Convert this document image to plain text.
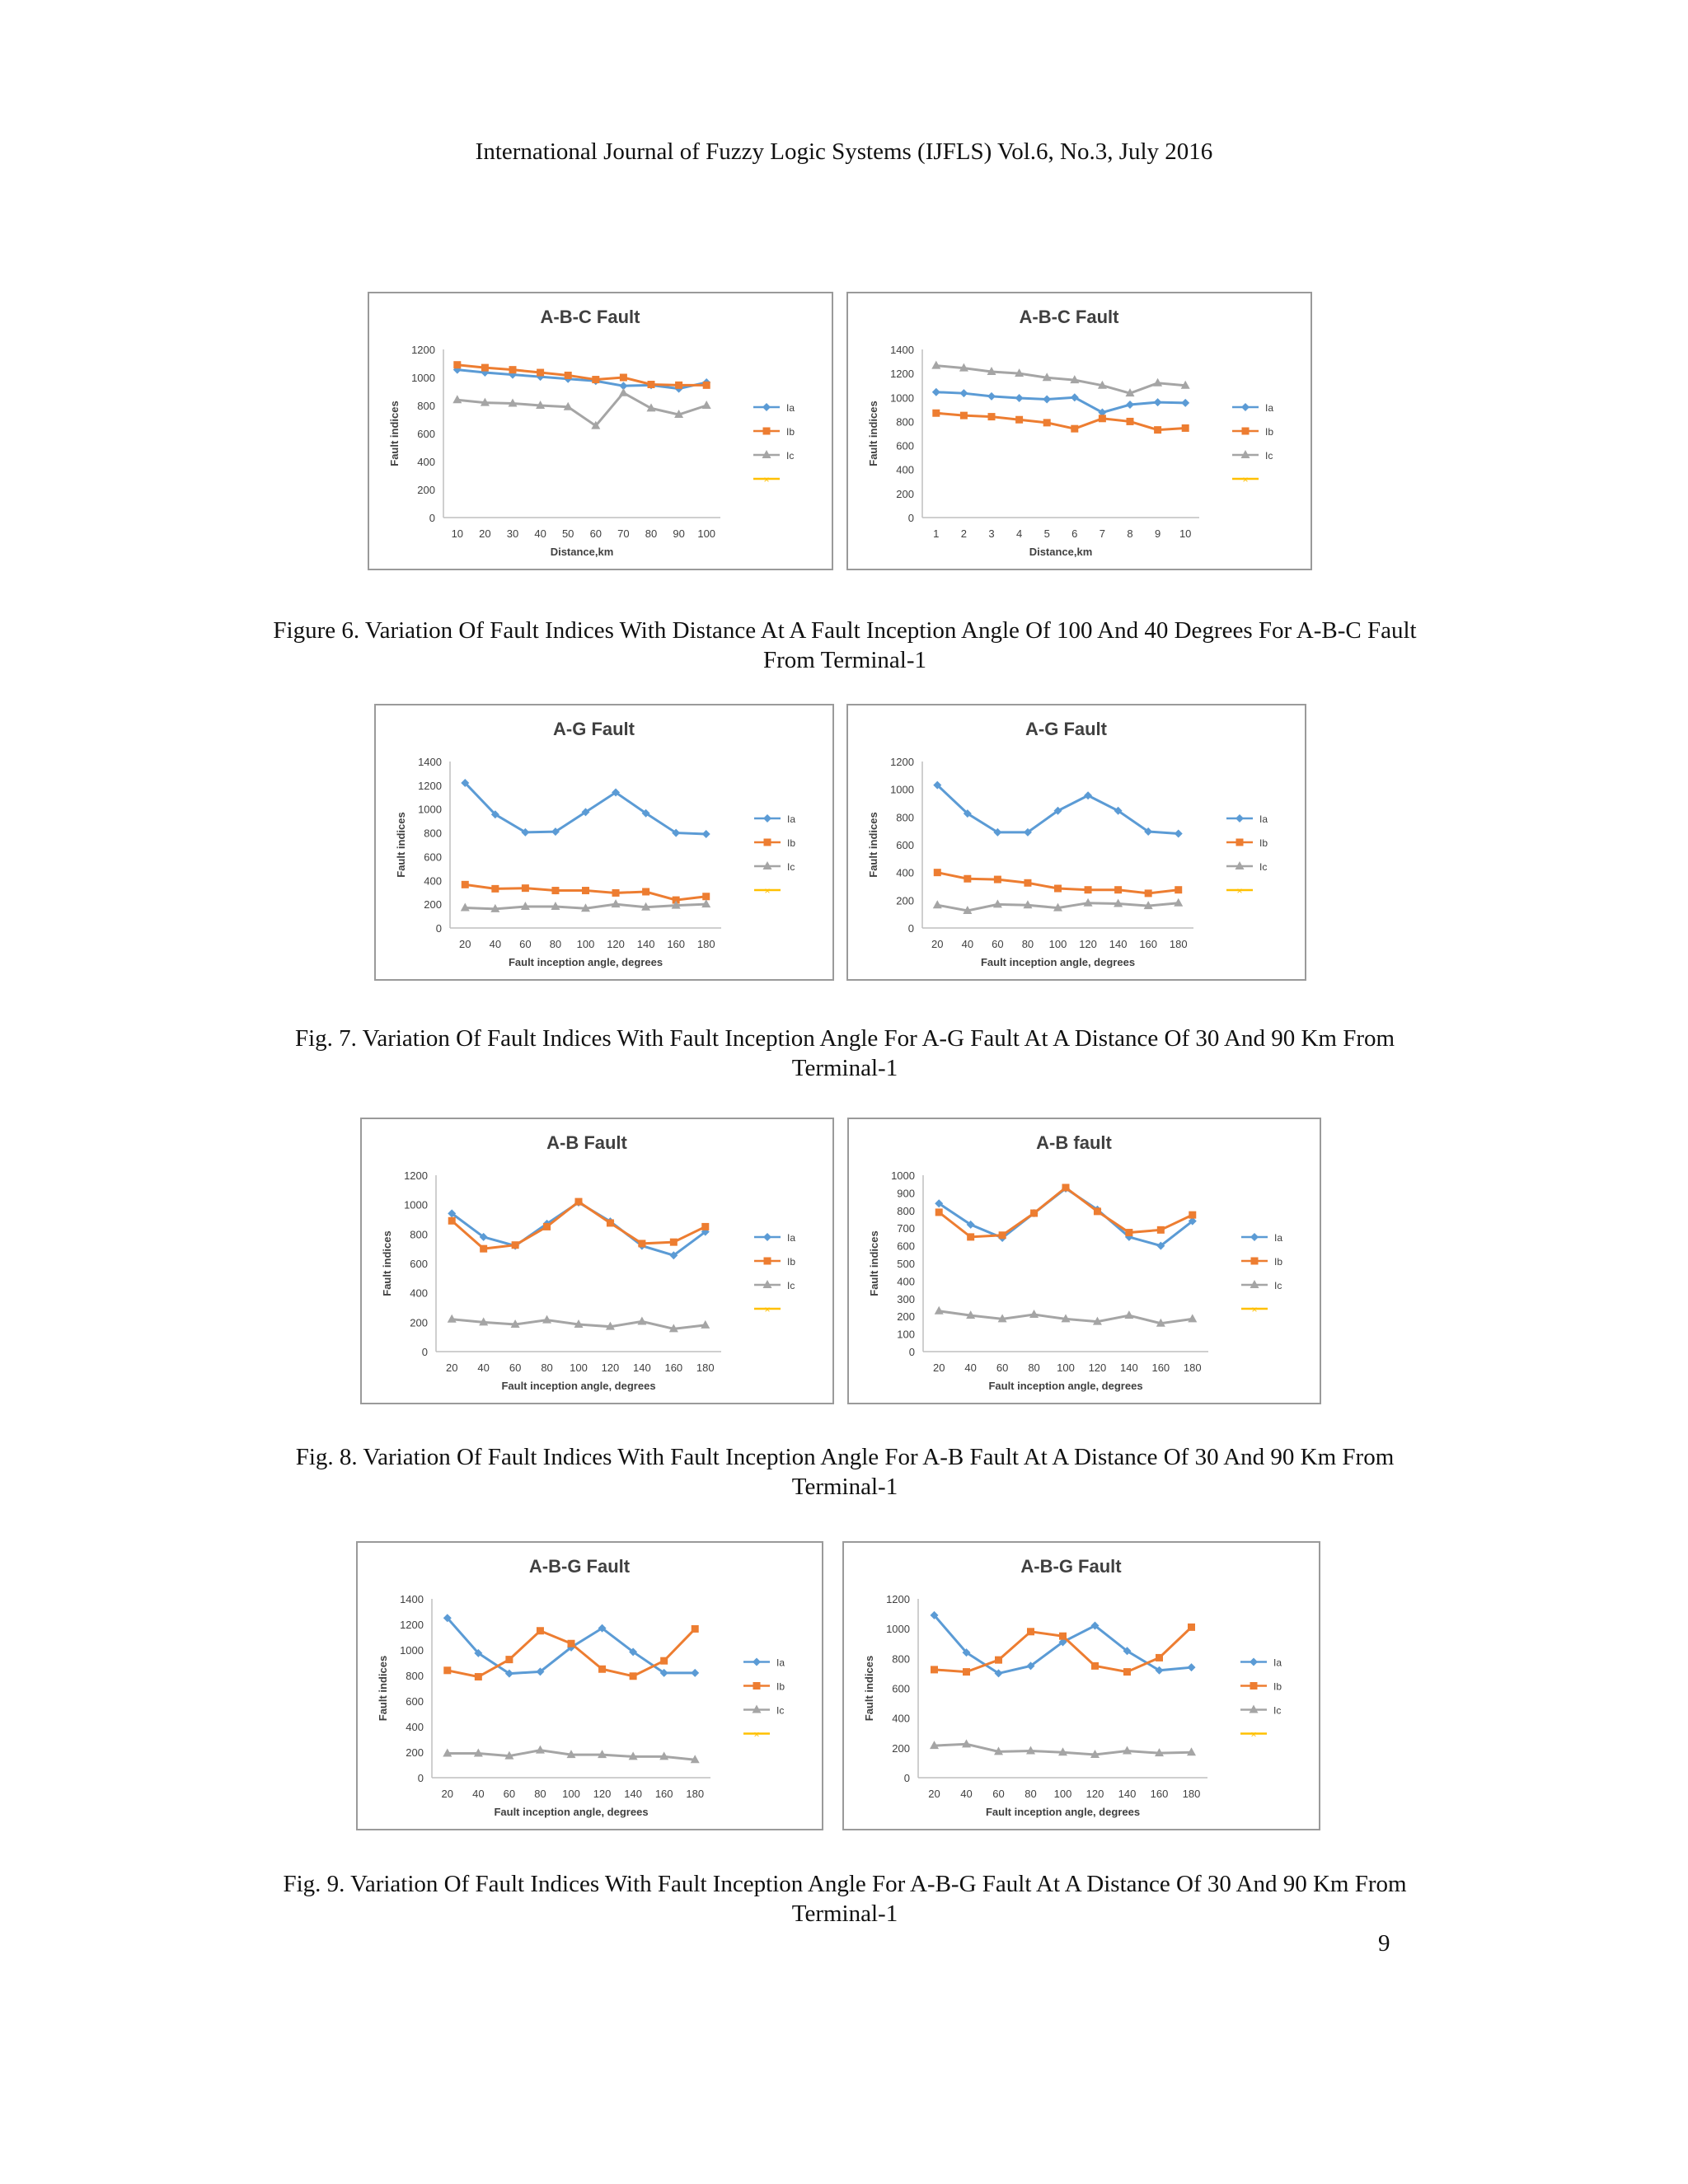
International Journal of Fuzzy Logic Systems (IJFLS) Vol.6, No.3, July 2016
A-B-C Fault
0
200
400
600
800
1000
1200
Fault indices
10 20 30 40 50 60 70 80 90 100
Distance,km
Ia
Ib
Ic
×
A-B-C Fault
0
200
400
600
800
1000
1200
1400
Fault indices
1 2 3 4 5 6 7 8 9 10
Distance,km
Ia
Ib
Ic
×
Figure 6. Variation Of Fault Indices With Distance At A Fault Inception Angle Of 100 And 40 Degrees For A-B-C Fault From Terminal-1
A-G Fault
0
200
400
600
800
1000
1200
1400
Fault indices
20 40 60 80 100 120 140 160 180
Fault inception angle, degrees
Ia
Ib
Ic
×
A-G Fault
0
200
400
600
800
1000
1200
Fault indices
20 40 60 80 100 120 140 160 180
Fault inception angle, degrees
Ia
Ib
Ic
×
Fig. 7. Variation Of Fault Indices With Fault Inception Angle For A-G Fault At A Distance Of 30 And 90 Km From Terminal-1
A-B Fault
0
200
400
600
800
1000
1200
Fault indices
20 40 60 80 100 120 140 160 180
Fault inception angle, degrees
Ia
Ib
Ic
×
A-B fault
0
100
200
300
400
500
600
700
800
900
1000
Fault indices
20 40 60 80 100 120 140 160 180
Fault inception angle, degrees
Ia
Ib
Ic
×
Fig. 8. Variation Of Fault Indices With Fault Inception Angle For A-B Fault At A Distance Of 30 And 90 Km From Terminal-1
A-B-G Fault
0
200
400
600
800
1000
1200
1400
Fault indices
20 40 60 80 100 120 140 160 180
Fault inception angle, degrees
Ia
Ib
Ic
×
A-B-G Fault
0
200
400
600
800
1000
1200
Fault indices
20 40 60 80 100 120 140 160 180
Fault inception angle, degrees
Ia
Ib
Ic
×
Fig. 9. Variation Of Fault Indices With Fault Inception Angle For A-B-G Fault At A Distance Of 30 And 90 Km From Terminal-1
9
